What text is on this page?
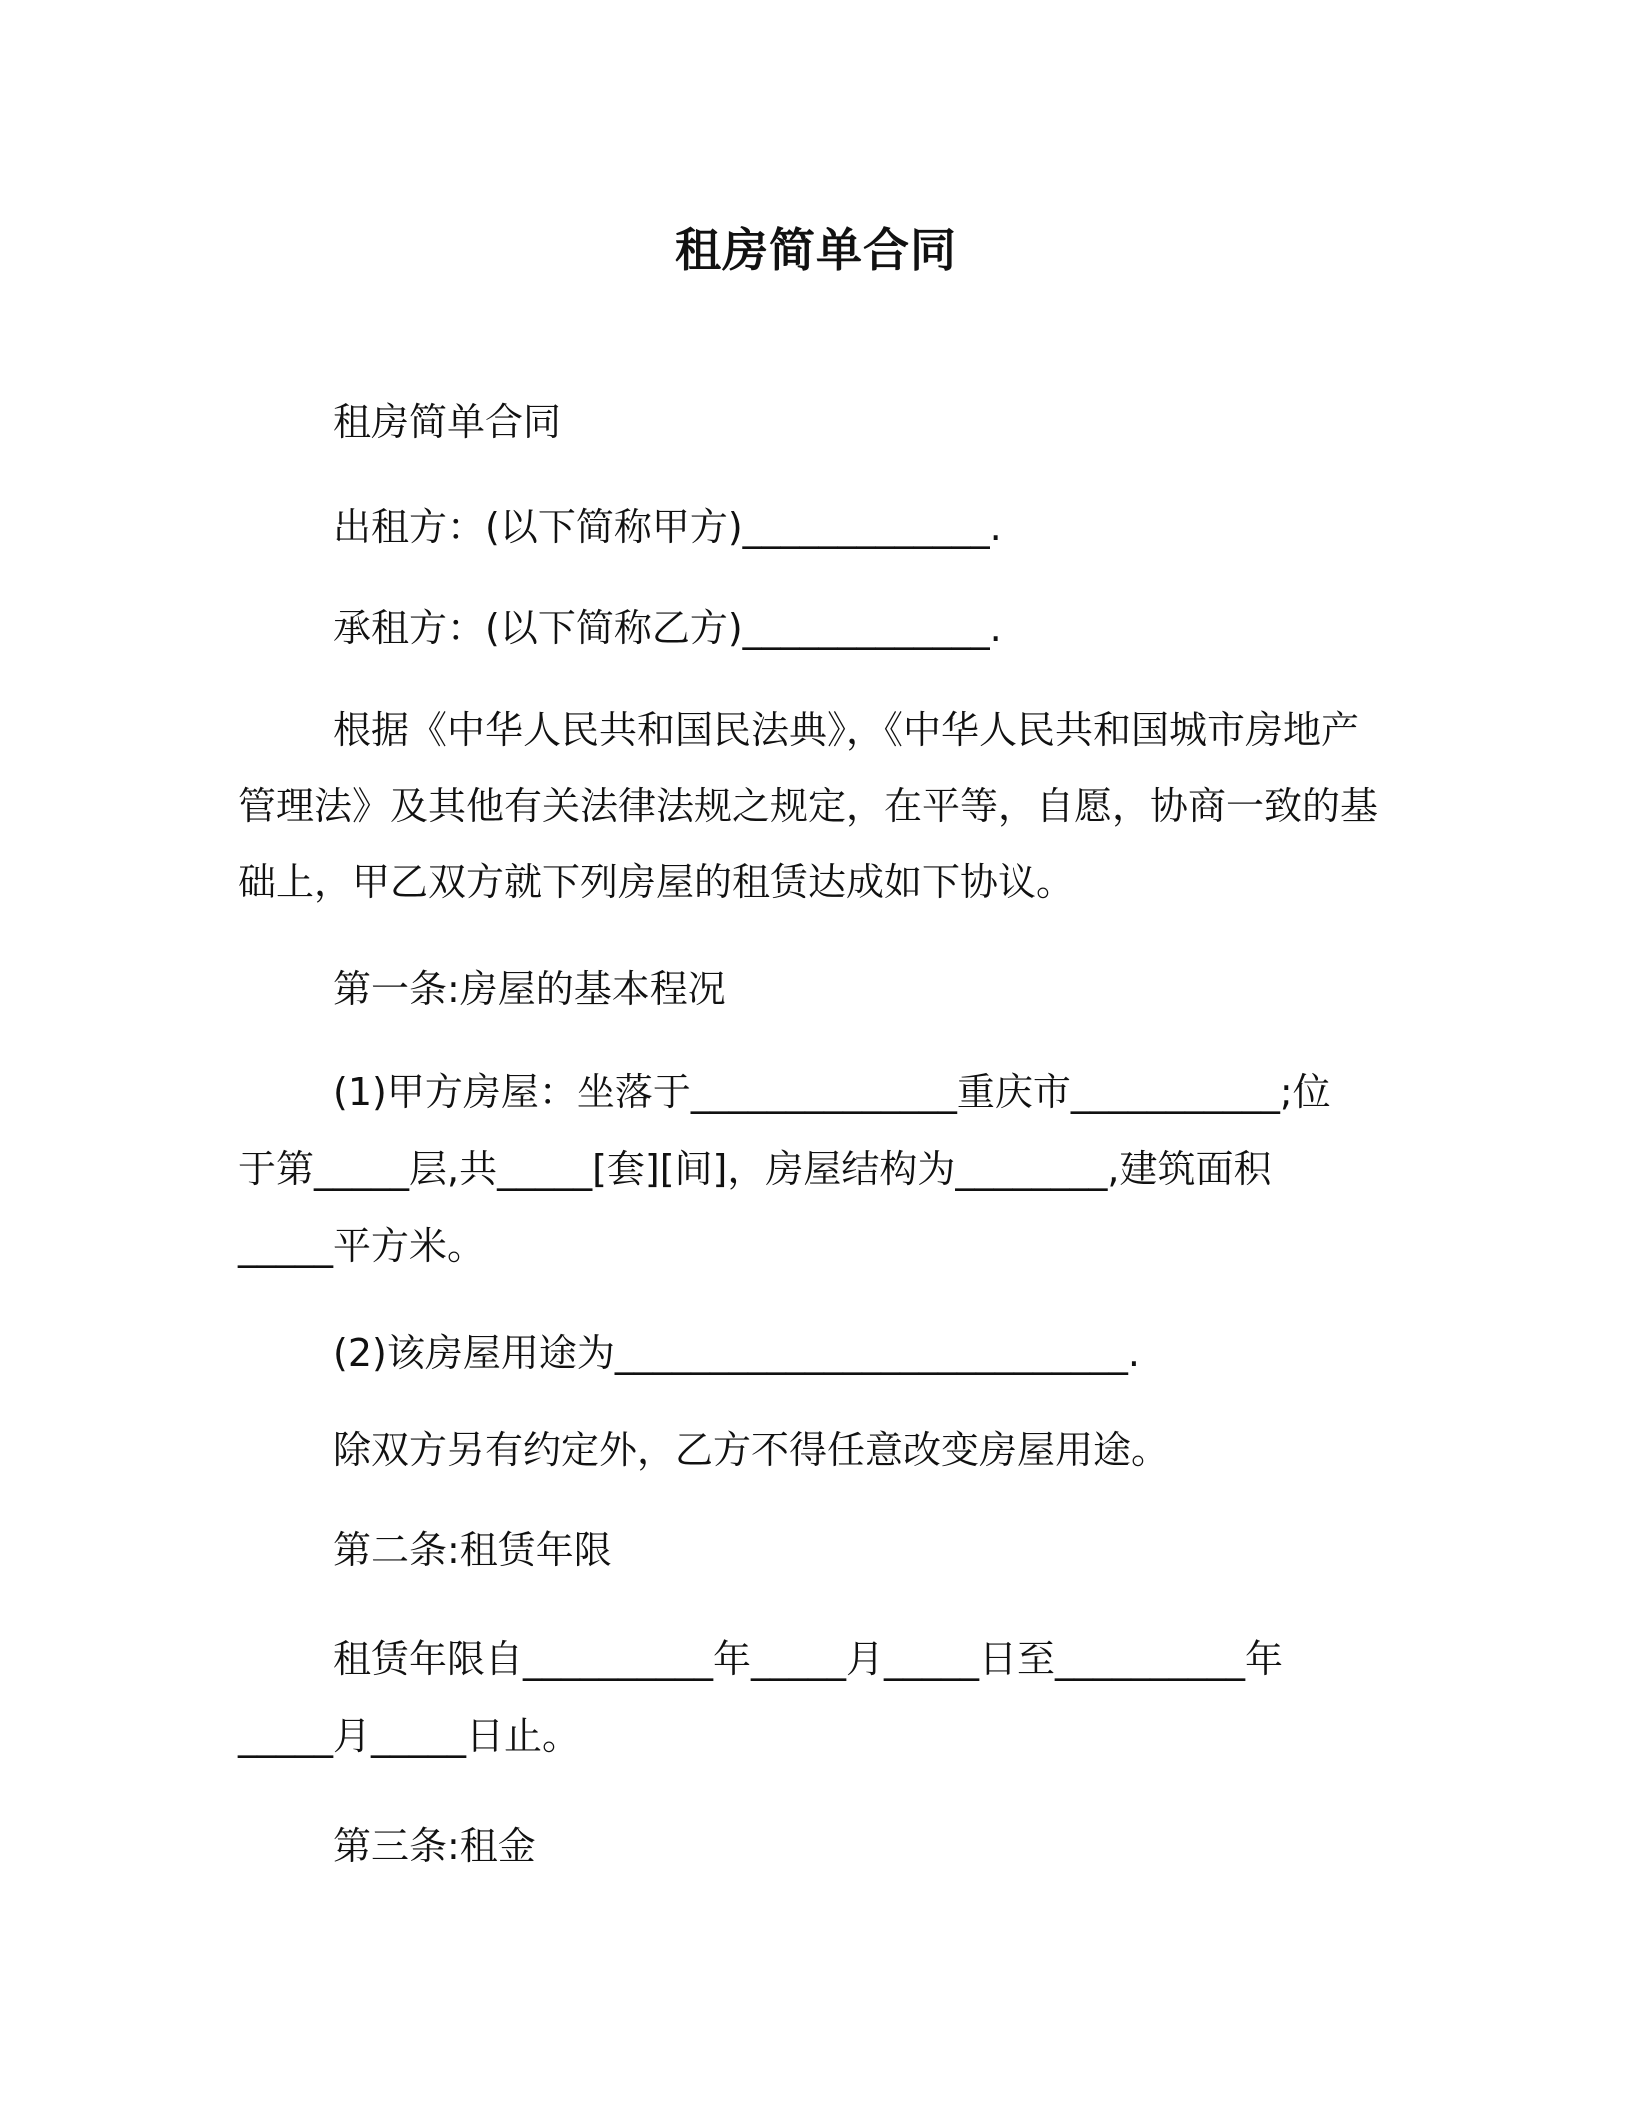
租房简单合同
租房简单合同
出租方：(以下简称甲方)_____________.
承租方：(以下简称乙方)_____________.
根据《中华人民共和国民法典》，《中华人民共和国城市房地产
管理法》及其他有关法律法规之规定，在平等，自愿，协商一致的基
础上，甲乙双方就下列房屋的租赁达成如下协议。
第一条:房屋的基本程况
(1)甲方房屋：坐落于______________重庆市___________;位
于第_____层,共_____[套][间]，房屋结构为________,建筑面积
_____平方米。
(2)该房屋用途为___________________________.
除双方另有约定外，乙方不得任意改变房屋用途。
第二条:租赁年限
租赁年限自__________年_____月_____日至__________年
_____月_____日止。
第三条:租金
